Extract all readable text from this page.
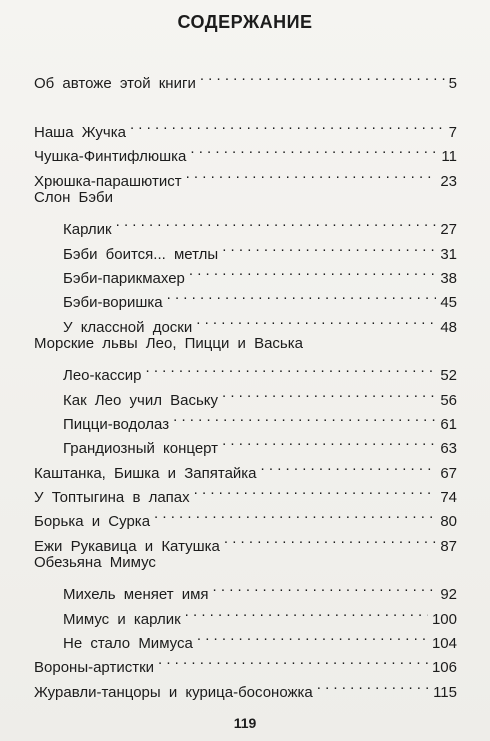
СОДЕРЖАНИЕ
Об автоже этой книги . . .	5
Наша Жучка . . .	7
Чушка-Финтифлюшка . . .	11
Хрюшка-парашютист . . .	23
Слон Бэби
Карлик . . .	27
Бэби боится... метлы . . .	31
Бэби-парикмахер . . .	38
Бэби-воришка . . .	45
У классной доски . . .	48
Морские львы Лео, Пицци и Васька
Лео-кассир . . .	52
Как Лео учил Ваську . . .	56
Пицци-водолаз . . .	61
Грандиозный концерт . . .	63
Каштанка, Бишка и Запятайка . . .	67
У Топтыгина в лапах . . .	74
Борька и Сурка . . .	80
Ежи Рукавица и Катушка . . .	87
Обезьяна Мимус
Михель меняет имя . . .	92
Мимус и карлик . . .	100
Не стало Мимуса . . .	104
Вороны-артистки . . .	106
Журавли-танцоры и курица-босоножка . . .	115
119
